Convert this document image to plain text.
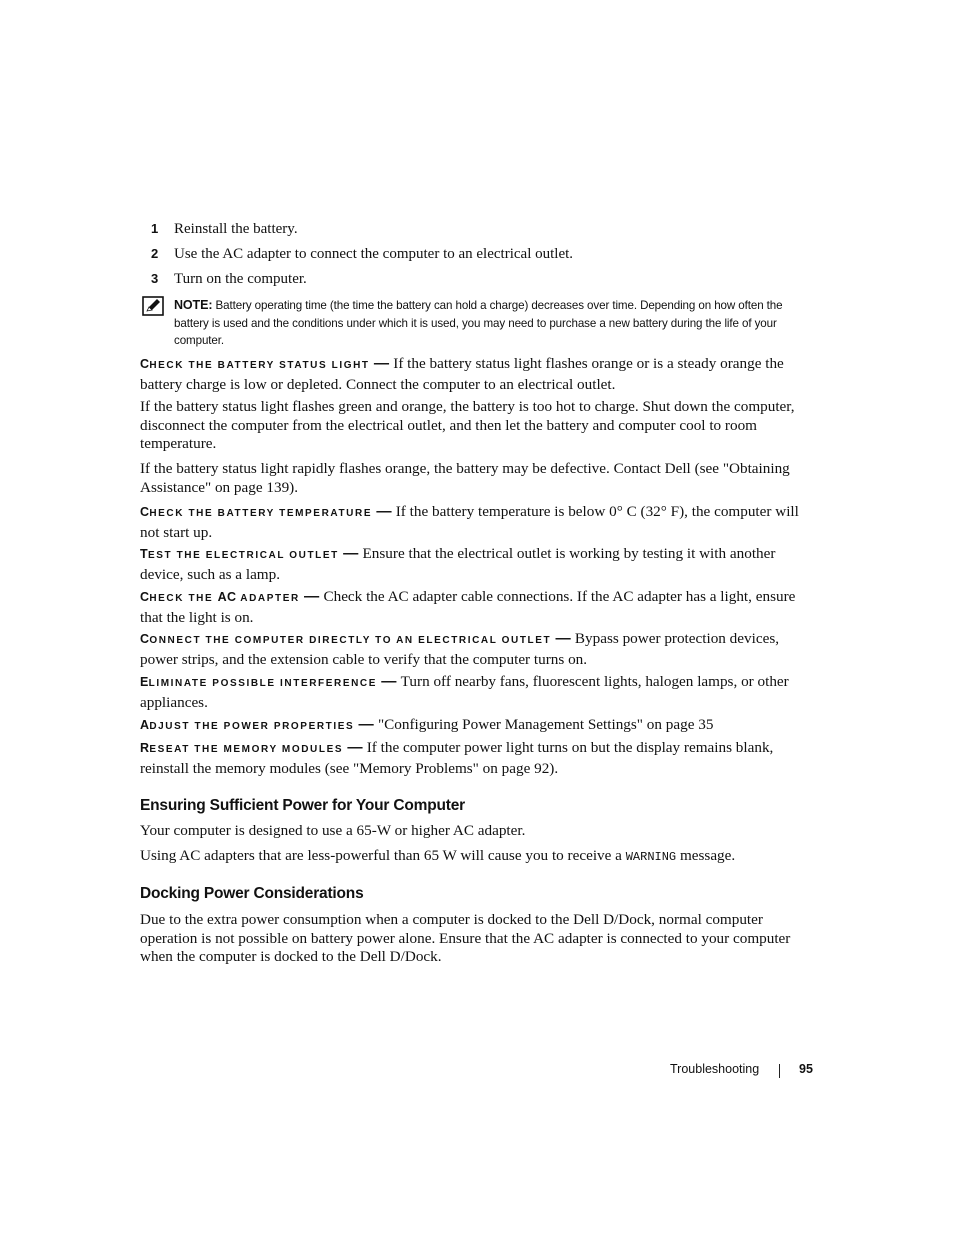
1 Reinstall the battery.
2 Use the AC adapter to connect the computer to an electrical outlet.
3 Turn on the computer.
NOTE: Battery operating time (the time the battery can hold a charge) decreases over time. Depending on how often the battery is used and the conditions under which it is used, you may need to purchase a new battery during the life of your computer.
CHECK THE BATTERY STATUS LIGHT — If the battery status light flashes orange or is a steady orange the battery charge is low or depleted. Connect the computer to an electrical outlet.
If the battery status light flashes green and orange, the battery is too hot to charge. Shut down the computer, disconnect the computer from the electrical outlet, and then let the battery and computer cool to room temperature.
If the battery status light rapidly flashes orange, the battery may be defective. Contact Dell (see "Obtaining Assistance" on page 139).
CHECK THE BATTERY TEMPERATURE — If the battery temperature is below 0° C (32° F), the computer will not start up.
TEST THE ELECTRICAL OUTLET — Ensure that the electrical outlet is working by testing it with another device, such as a lamp.
CHECK THE AC ADAPTER — Check the AC adapter cable connections. If the AC adapter has a light, ensure that the light is on.
CONNECT THE COMPUTER DIRECTLY TO AN ELECTRICAL OUTLET — Bypass power protection devices, power strips, and the extension cable to verify that the computer turns on.
ELIMINATE POSSIBLE INTERFERENCE — Turn off nearby fans, fluorescent lights, halogen lamps, or other appliances.
ADJUST THE POWER PROPERTIES — "Configuring Power Management Settings" on page 35
RESEAT THE MEMORY MODULES — If the computer power light turns on but the display remains blank, reinstall the memory modules (see "Memory Problems" on page 92).
Ensuring Sufficient Power for Your Computer
Your computer is designed to use a 65-W or higher AC adapter.
Using AC adapters that are less-powerful than 65 W will cause you to receive a WARNING message.
Docking Power Considerations
Due to the extra power consumption when a computer is docked to the Dell D/Dock, normal computer operation is not possible on battery power alone. Ensure that the AC adapter is connected to your computer when the computer is docked to the Dell D/Dock.
Troubleshooting	95
